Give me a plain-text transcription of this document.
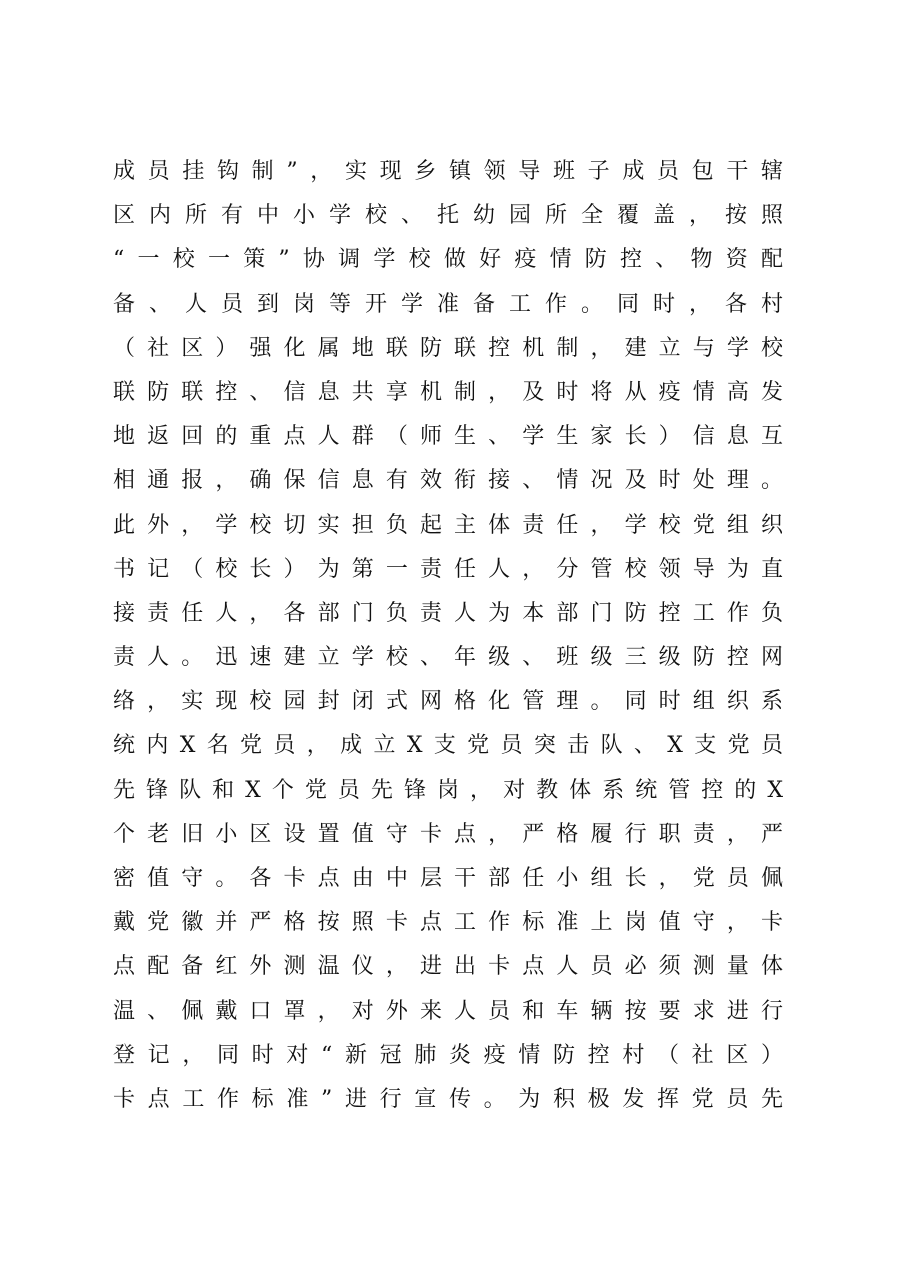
成员挂钩制”，实现乡镇领导班子成员包干辖
区内所有中小学校、托幼园所全覆盖，按照
“一校一策”协调学校做好疫情防控、物资配
备、人员到岗等开学准备工作。同时，各村
（社区）强化属地联防联控机制，建立与学校
联防联控、信息共享机制，及时将从疫情高发
地返回的重点人群（师生、学生家长）信息互
相通报，确保信息有效衔接、情况及时处理。
此外，学校切实担负起主体责任，学校党组织
书记（校长）为第一责任人，分管校领导为直
接责任人，各部门负责人为本部门防控工作负
责人。迅速建立学校、年级、班级三级防控网
络，实现校园封闭式网格化管理。同时组织系
统内X名党员，成立X支党员突击队、X支党员
先锋队和X个党员先锋岗，对教体系统管控的X
个老旧小区设置值守卡点，严格履行职责，严
密值守。各卡点由中层干部任小组长，党员佩
戴党徽并严格按照卡点工作标准上岗值守，卡
点配备红外测温仪，进出卡点人员必须测量体
温、佩戴口罩，对外来人员和车辆按要求进行
登记，同时对“新冠肺炎疫情防控村（社区）
卡点工作标准”进行宣传。为积极发挥党员先
